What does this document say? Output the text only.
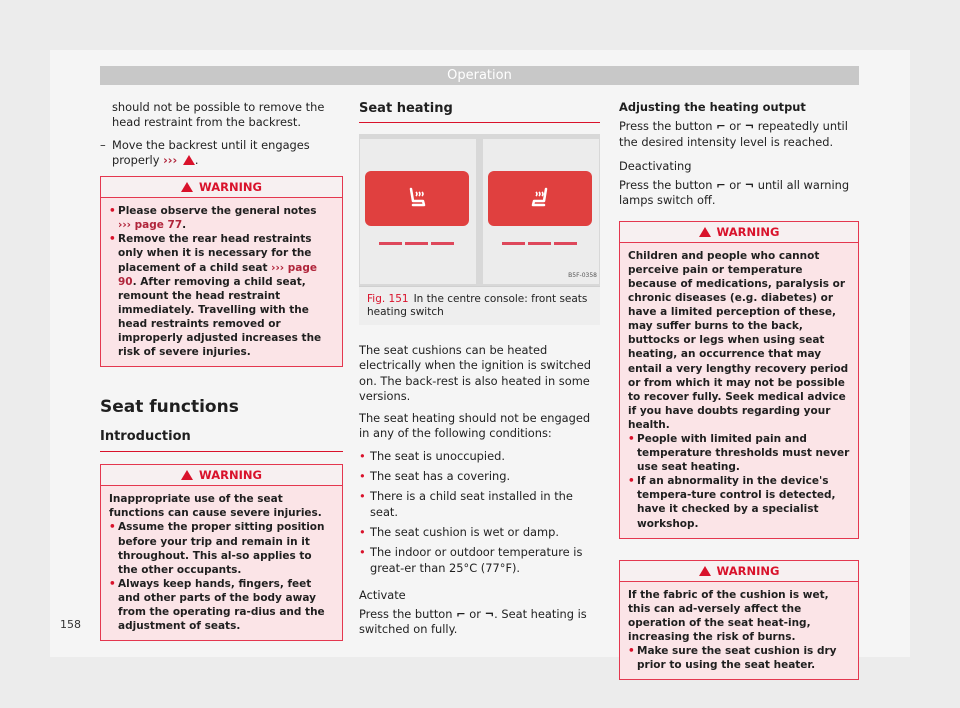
Operation

should not be possible to remove the head restraint from the backrest.

– Move the backrest until it engages properly ››› .

WARNING
• Please observe the general notes
››› page 77.
• Remove the rear head restraints only when it is necessary for the placement of a child seat ››› page 90. After removing a child seat, remount the head restraint immediately. Travelling with the head restraints removed or improperly adjusted increases the risk of severe injuries.
Seat functions
Introduction
WARNING
Inappropriate use of the seat functions can cause severe injuries.
• Assume the proper sitting position before your trip and remain in it throughout. This al-so applies to the other occupants.
• Always keep hands, fingers, feet and other parts of the body away from the operating ra-dius and the adjustment of seats.
Seat heating
B5F-0358
Fig. 151 In the centre console: front seats heating switch

The seat cushions can be heated electrically when the ignition is switched on. The back-rest is also heated in some versions.

The seat heating should not be engaged in any of the following conditions:

• The seat is unoccupied.
• The seat has a covering.
• There is a child seat installed in the seat.
• The seat cushion is wet or damp.
• The indoor or outdoor temperature is great-er than 25°C (77°F).
Activate

Press the button ⌐ or ¬. Seat heating is switched on fully.

Adjusting the heating output

Press the button ⌐ or ¬ repeatedly until the desired intensity level is reached.

Deactivating

Press the button ⌐ or ¬ until all warning lamps switch off.

WARNING
Children and people who cannot perceive pain or temperature because of medications, paralysis or chronic diseases (e.g. diabetes) or have a limited perception of these, may suffer burns to the back, buttocks or legs when using seat heating, an occurrence that may entail a very lengthy recovery period or from which it may not be possible to recover fully. Seek medical advice if you have doubts regarding your health.
• People with limited pain and temperature thresholds must never use seat heating.
• If an abnormality in the device's tempera-ture control is detected, have it checked by a specialist workshop.
WARNING
If the fabric of the cushion is wet, this can ad-versely affect the operation of the seat heat-ing, increasing the risk of burns.
• Make sure the seat cushion is dry prior to using the seat heater.
158
